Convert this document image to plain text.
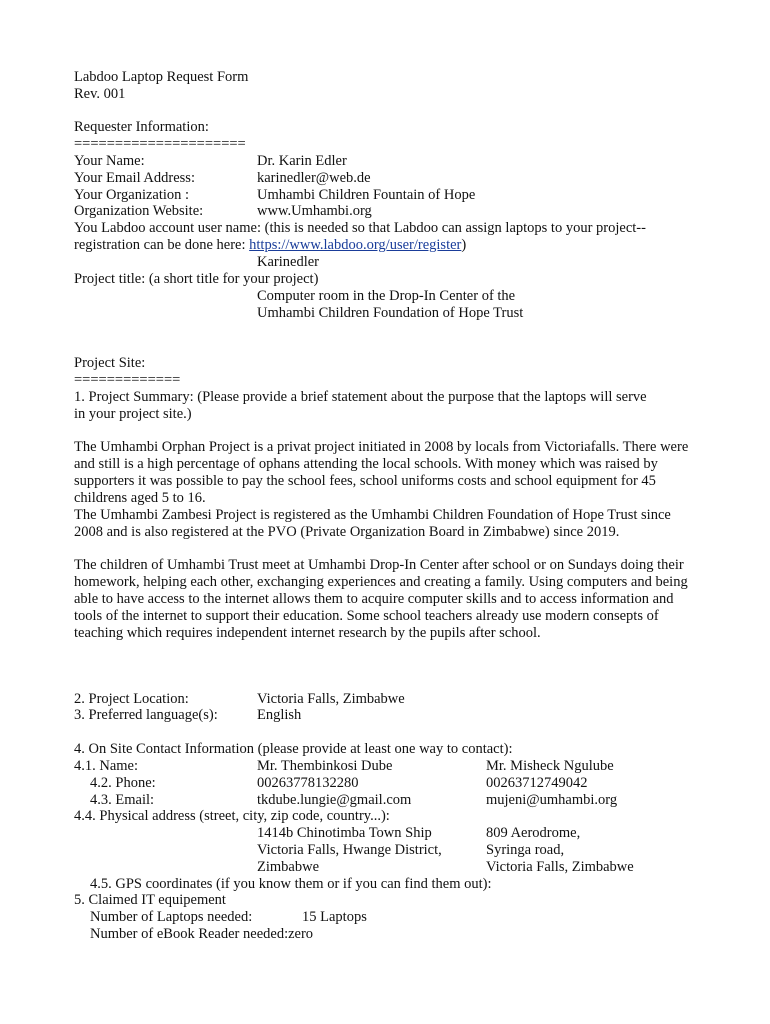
Labdoo Laptop Request Form
Rev. 001
Requester Information:
=====================
Your Name:	Dr. Karin Edler
Your Email Address:	karinedler@web.de
Your Organization :	Umhambi Children Fountain of Hope
Organization Website:	www.Umhambi.org
You Labdoo account user name: (this is needed so that Labdoo can assign laptops to your project--
registration can be done here: https://www.labdoo.org/user/register)
Karinedler
Project title: (a short title for your project)
Computer room in the Drop-In Center of the
Umhambi Children Foundation of Hope Trust
Project Site:
=============
1. Project Summary: (Please provide a brief statement about the purpose that the laptops will serve
in your project site.)
The Umhambi Orphan Project is a privat project initiated in 2008 by locals from Victoriafalls. There were and still is a high percentage of ophans attending the local schools. With money which was raised by supporters it was possible to pay the school fees, school uniforms costs and school equipment for 45 childrens aged 5 to 16.
The Umhambi Zambesi Project is registered as the Umhambi Children Foundation of Hope Trust since 2008 and is also registered at the PVO (Private Organization Board in Zimbabwe) since 2019.
The children of Umhambi Trust meet at Umhambi Drop-In Center after school or on Sundays doing their homework, helping each other, exchanging experiences and creating a family. Using computers and being able to have access to the internet allows them to acquire computer skills and to access information and tools of the internet to support their education. Some school teachers already use modern consepts of teaching which requires independent internet research by the pupils after school.
2. Project Location:	Victoria Falls, Zimbabwe
3. Preferred language(s):	English
4. On Site Contact Information (please provide at least one way to contact):
4.1. Name:	Mr. Thembinkosi Dube	Mr. Misheck Ngulube
4.2. Phone:	00263778132280	00263712749042
4.3. Email:	tkdube.lungie@gmail.com	mujeni@umhambi.org
4.4. Physical address (street, city, zip code, country...):
1414b Chinotimba Town Ship	809 Aerodrome,
Victoria Falls, Hwange District,	Syringa road,
Zimbabwe	Victoria Falls, Zimbabwe
4.5. GPS coordinates (if you know them or if you can find them out):
5. Claimed IT equipement
Number of Laptops needed:	15 Laptops
Number of eBook Reader needed:zero
